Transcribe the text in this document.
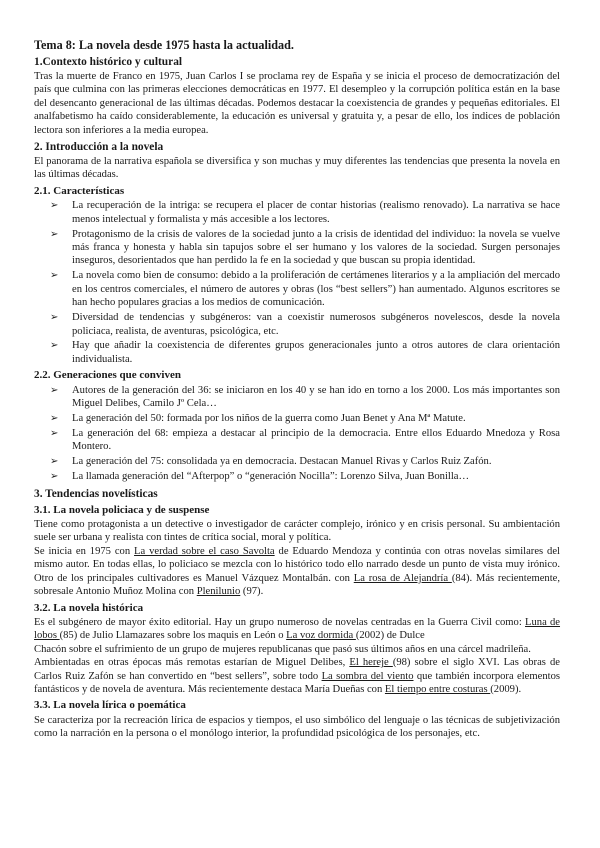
Tema 8: La novela desde 1975 hasta la actualidad.
1.Contexto histórico y cultural

Tras la muerte de Franco en 1975, Juan Carlos I se proclama rey de España y se inicia el proceso de democratización del país que culmina con las primeras elecciones democráticas en 1977. El desempleo y la corrupción política están en la base del desencanto generacional de las últimas décadas. Podemos destacar la coexistencia de grandes y pequeñas editoriales. El analfabetismo ha caído considerablemente, la educación es universal y gratuita y, a pesar de ello, los índices de población lectora son inferiores a la media europea.

2. Introducción a la novela

El panorama de la narrativa española se diversifica y son muchas y muy diferentes las tendencias que presenta la novela en las últimas décadas.

2.1. Características
➢ La recuperación de la intriga: se recupera el placer de contar historias (realismo renovado). La narrativa se hace menos intelectual y formalista y más accesible a los lectores.
➢ Protagonismo de la crisis de valores de la sociedad junto a la crisis de identidad del individuo: la novela se vuelve más franca y honesta y habla sin tapujos sobre el ser humano y los valores de la sociedad. Surgen personajes inseguros, desorientados que han perdido la fe en la sociedad y que buscan su propia identidad.
➢ La novela como bien de consumo: debido a la proliferación de certámenes literarios y a la ampliación del mercado en los centros comerciales, el número de autores y obras (los “best sellers”) han aumentado. Algunos escritores se han hecho populares gracias a los medios de comunicación.
➢ Diversidad de tendencias y subgéneros: van a coexistir numerosos subgéneros novelescos, desde la novela policiaca, realista, de aventuras, psicológica, etc.
➢ Hay que añadir la coexistencia de diferentes grupos generacionales junto a otros autores de clara orientación individualista.
2.2. Generaciones que conviven
➢ Autores de la generación del 36: se iniciaron en los 40 y se han ido en torno a los 2000. Los más importantes son Miguel Delibes, Camilo Jº Cela…
➢ La generación del 50: formada por los niños de la guerra como Juan Benet y Ana Mª Matute.
➢ La generación del 68: empieza a destacar al principio de la democracia. Entre ellos Eduardo Mnedoza y Rosa Montero.
➢ La generación del 75: consolidada ya en democracia. Destacan Manuel Rivas y Carlos Ruiz Zafón.
➢ La llamada generación del “Afterpop” o “generación Nocilla”: Lorenzo Silva, Juan Bonilla…
3. Tendencias novelísticas
3.1. La novela policiaca y de suspense

Tiene como protagonista a un detective o investigador de carácter complejo, irónico y en crisis personal. Su ambientación suele ser urbana y realista con tintes de crítica social, moral y política.

Se inicia en 1975 con La verdad sobre el caso Savolta de Eduardo Mendoza y continúa con otras novelas similares del mismo autor. En todas ellas, lo policiaco se mezcla con lo histórico todo ello narrado desde un punto de vista muy irónico. Otro de los principales cultivadores es Manuel Vázquez Montalbán. con La rosa de Alejandría (84). Más recientemente, sobresale Antonio Muñoz Molina con Plenilunio (97).

3.2. La novela histórica

Es el subgénero de mayor éxito editorial. Hay un grupo numeroso de novelas centradas en la Guerra Civil como: Luna de lobos (85) de Julio Llamazares sobre los maquis en León o La voz dormida (2002) de Dulce

Chacón sobre el sufrimiento de un grupo de mujeres republicanas que pasó sus últimos años en una cárcel madrileña.

Ambientadas en otras épocas más remotas estarían de Miguel Delibes, El hereje (98) sobre el siglo XVI. Las obras de Carlos Ruiz Zafón se han convertido en “best sellers”, sobre todo La sombra del viento que también incorpora elementos fantásticos y de novela de aventura. Más recientemente destaca María Dueñas con El tiempo entre costuras (2009).

3.3. La novela lírica o poemática

Se caracteriza por la recreación lírica de espacios y tiempos, el uso simbólico del lenguaje o las técnicas de subjetivización como la narración en la persona o el monólogo interior, la profundidad psicológica de los personajes, etc.
